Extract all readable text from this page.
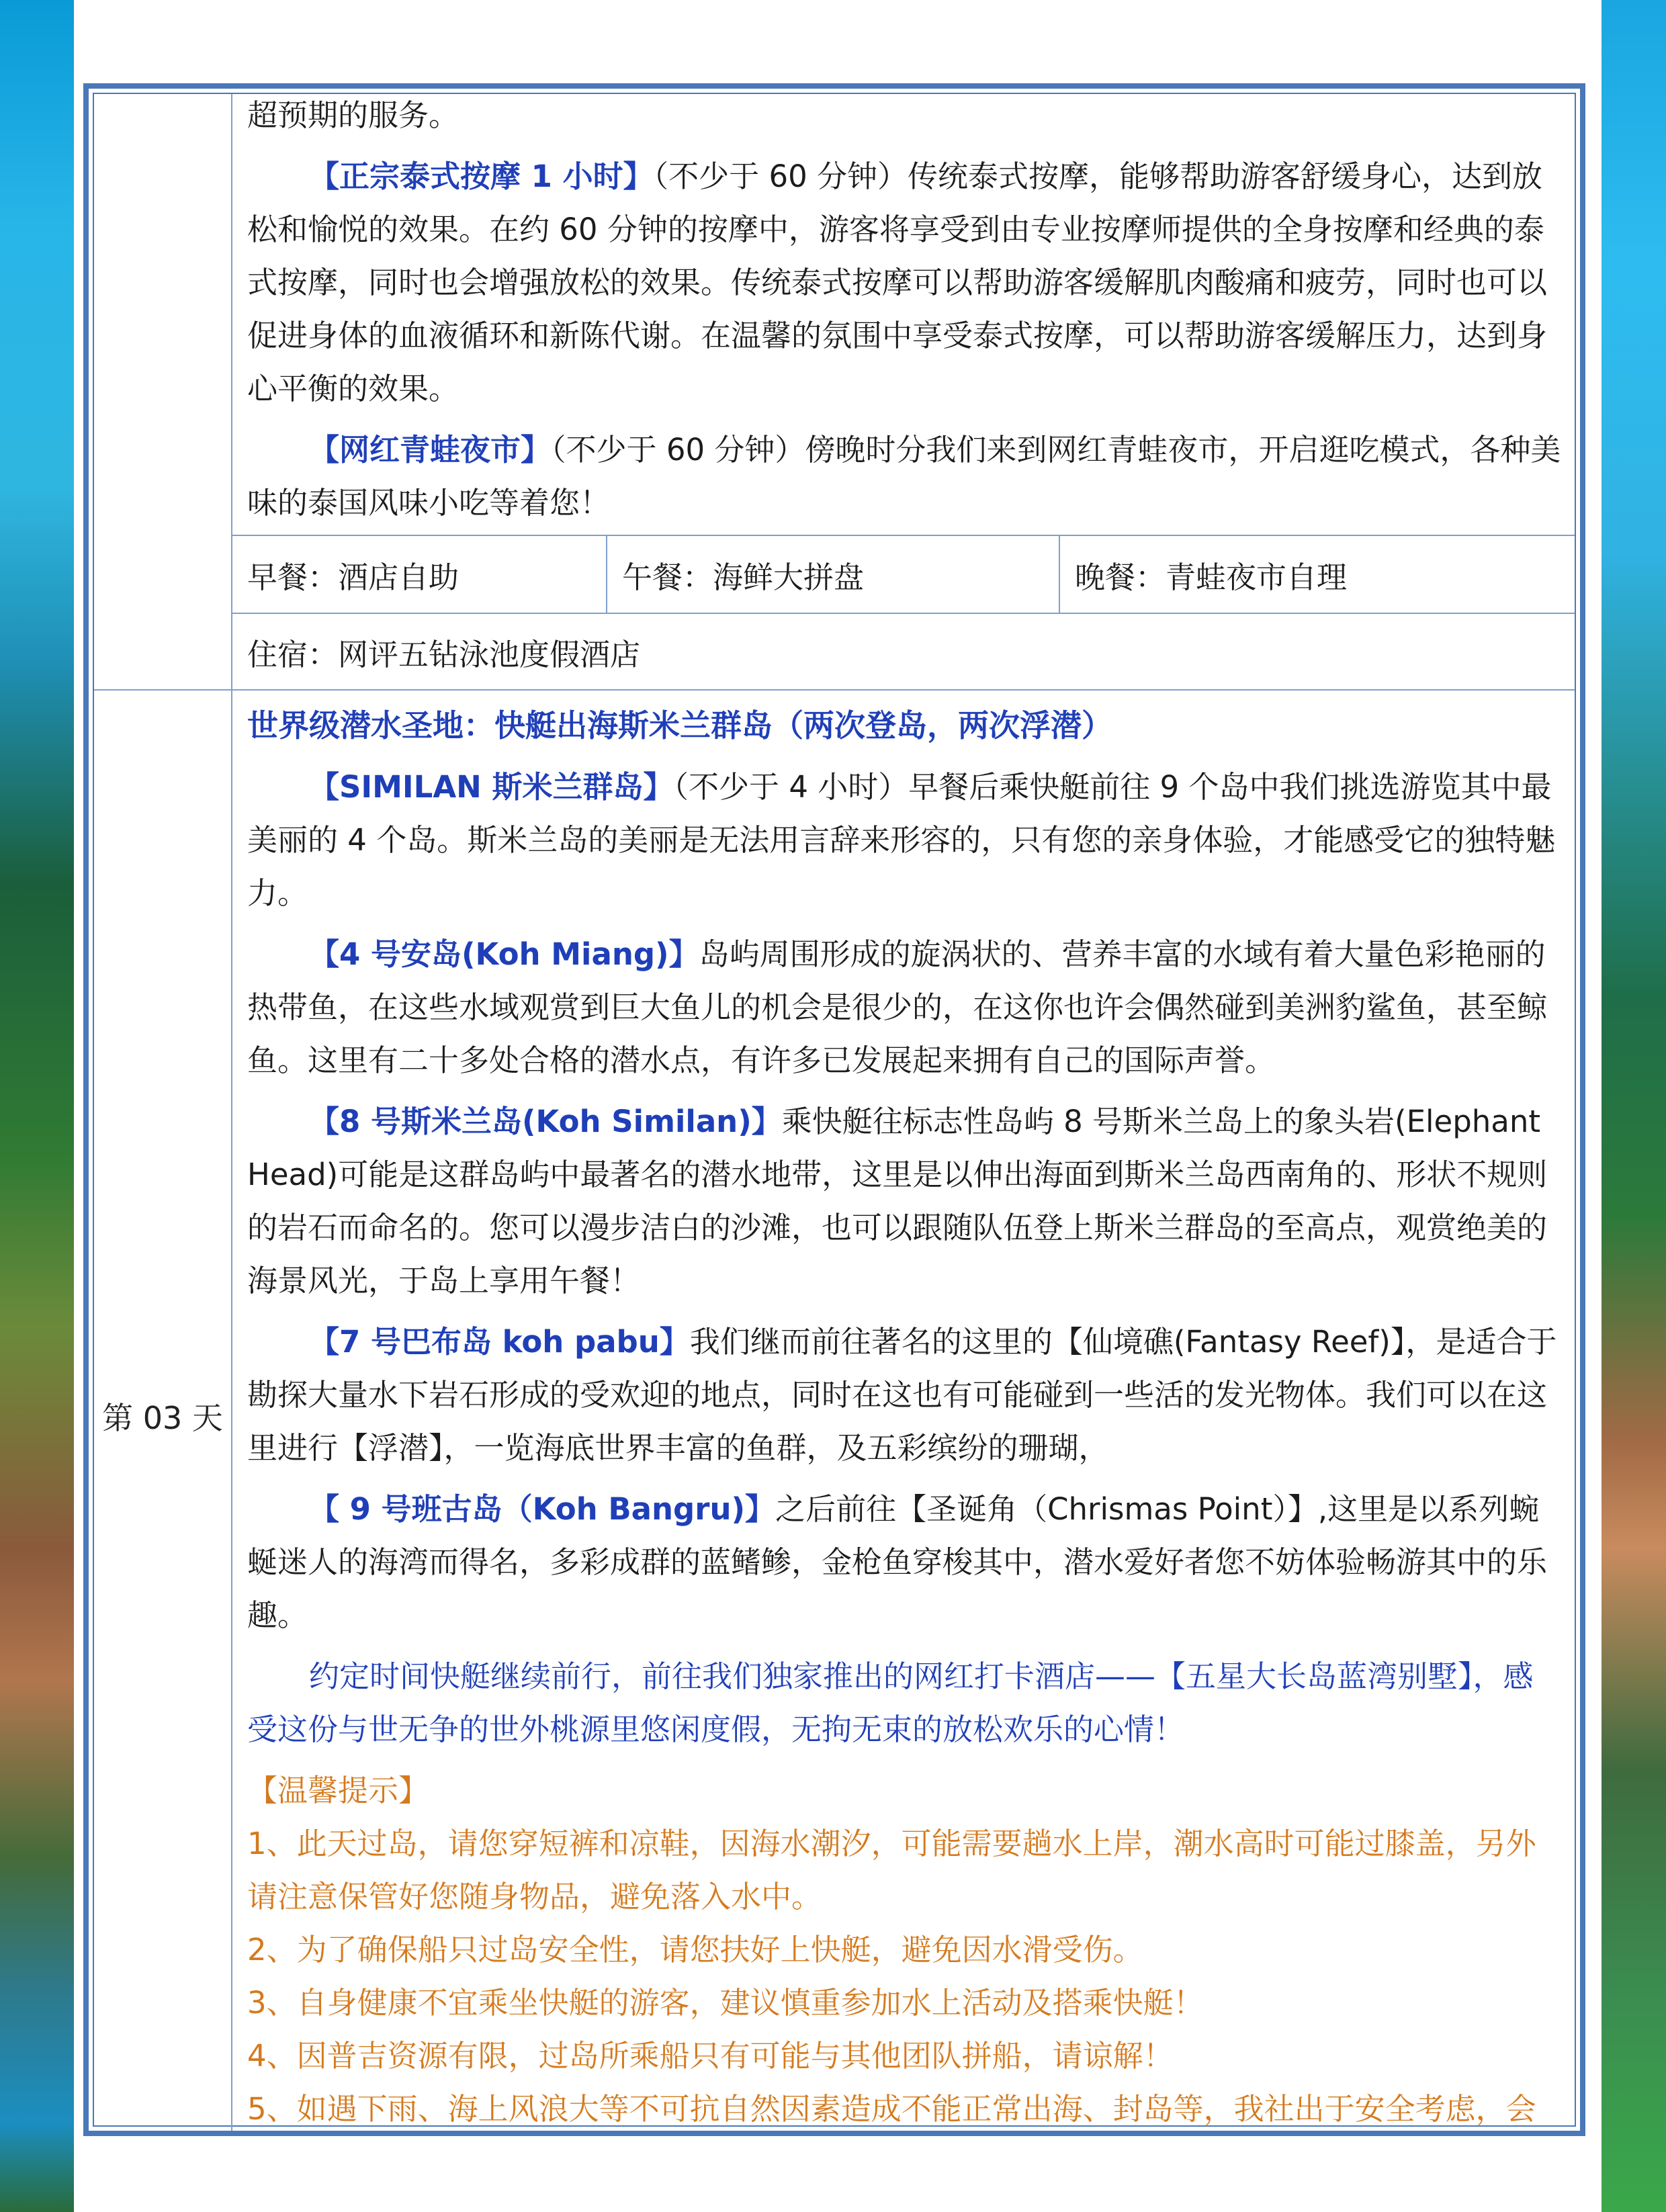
超预期的服务。

【正宗泰式按摩 1 小时】（不少于 60 分钟）传统泰式按摩，能够帮助游客舒缓身心，达到放松和愉悦的效果。在约 60 分钟的按摩中，游客将享受到由专业按摩师提供的全身按摩和经典的泰式按摩，同时也会增强放松的效果。传统泰式按摩可以帮助游客缓解肌肉酸痛和疲劳，同时也可以促进身体的血液循环和新陈代谢。在温馨的氛围中享受泰式按摩，可以帮助游客缓解压力，达到身心平衡的效果。

【网红青蛙夜市】（不少于 60 分钟）傍晚时分我们来到网红青蛙夜市，开启逛吃模式，各种美味的泰国风味小吃等着您！

早餐：酒店自助	午餐：海鲜大拼盘	晚餐：青蛙夜市自理
住宿：网评五钻泳池度假酒店
第 03 天

世界级潜水圣地：快艇出海斯米兰群岛（两次登岛，两次浮潜）

【SIMILAN 斯米兰群岛】（不少于 4 小时）早餐后乘快艇前往 9 个岛中我们挑选游览其中最美丽的 4 个岛。斯米兰岛的美丽是无法用言辞来形容的，只有您的亲身体验，才能感受它的独特魅力。

【4 号安岛(Koh Miang)】岛屿周围形成的旋涡状的、营养丰富的水域有着大量色彩艳丽的热带鱼，在这些水域观赏到巨大鱼儿的机会是很少的，在这你也许会偶然碰到美洲豹鲨鱼，甚至鲸鱼。这里有二十多处合格的潜水点，有许多已发展起来拥有自己的国际声誉。

【8 号斯米兰岛(Koh Similan)】乘快艇往标志性岛屿 8 号斯米兰岛上的象头岩(Elephant Head)可能是这群岛屿中最著名的潜水地带，这里是以伸出海面到斯米兰岛西南角的、形状不规则的岩石而命名的。您可以漫步洁白的沙滩，也可以跟随队伍登上斯米兰群岛的至高点，观赏绝美的海景风光，于岛上享用午餐！

【7 号巴布岛 koh pabu】我们继而前往著名的这里的【仙境礁(Fantasy Reef)】，是适合于勘探大量水下岩石形成的受欢迎的地点，同时在这也有可能碰到一些活的发光物体。我们可以在这里进行【浮潜】，一览海底世界丰富的鱼群，及五彩缤纷的珊瑚，

【 9 号班古岛（Koh Bangru)】之后前往【圣诞角（Chrismas Point）】,这里是以系列蜿蜒迷人的海湾而得名，多彩成群的蓝鳍鲹，金枪鱼穿梭其中，潜水爱好者您不妨体验畅游其中的乐趣。

约定时间快艇继续前行，前往我们独家推出的网红打卡酒店——【五星大长岛蓝湾别墅】，感受这份与世无争的世外桃源里悠闲度假，无拘无束的放松欢乐的心情！

【温馨提示】

1、此天过岛，请您穿短裤和凉鞋，因海水潮汐，可能需要趟水上岸，潮水高时可能过膝盖，另外请注意保管好您随身物品，避免落入水中。

2、为了确保船只过岛安全性，请您扶好上快艇，避免因水滑受伤。

3、自身健康不宜乘坐快艇的游客，建议慎重参加水上活动及搭乘快艇！

4、因普吉资源有限，过岛所乘船只有可能与其他团队拼船，请谅解！

5、如遇下雨、海上风浪大等不可抗自然因素造成不能正常出海、封岛等，我社出于安全考虑，会
